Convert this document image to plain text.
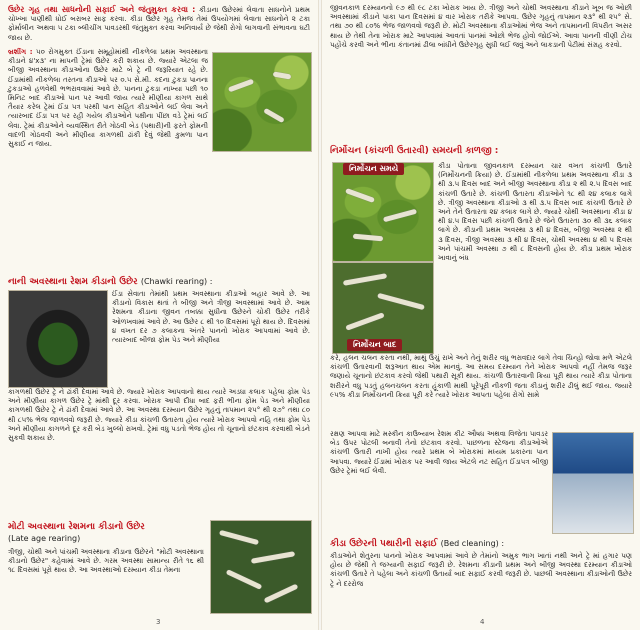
ઉછેર ગૃહ તથા સાધનોની સફાઈ અને જંતુમુક્ત કરવા : કીડાના ઉછેરમાં લેવાતા સાધનોને પ્રથમ ચોખ્ખા પાણીથી ધોઈ બરાબર સાફ કરવા. કીડા ઉછેર ગૃહ તેમજ તેમાં ઉપયોગમાં લેવાતા સાધનોને ૨ ટકા ફોર્માલીન અથવા ૫ ટકા બ્લીચીંગ પાવડરથી જંતુમુક્ત કરવા અનિવાર્ય છે જેથી રોગો લાગવાની સંભાવના ઘટી જાય છે.

બ્રશીંગ : ૫૦ રોગમુક્ત ઈંડાના સમૂહોમાંથી નીકળેલા પ્રથમ અવસ્થાના કીડાને ૪'x૩' ના માપની ટ્રેમાં ઉછેર કરી શકાય છે. જ્યારે એટલા જ બીજી અવસ્થાના કીડાઓના ઉછેર માટે બે ટ્રે ની જરૂરિયાત રહે છે. ઈંડામાંથી નીકળેલા તરતના કીડાઓ પર ૦.૫ સે.મી. કદના ટુકડા પાનના ટુકડાઓ હળવેથી ભભરાવવામાં આવે છે. પાનના ટુકડા નાખ્યા પછી ૧૦ મિનિટ બાદ કીડાઓ પાન પર આવી જાય ત્યારે મીણીયા કાગળ સાથે તૈયાર કરેલ ટ્રેમાં ઈંડા પત્ર પરથી પાન સહિત કીડાઓને લઈ લેવા અને ત્યારબાદ ઈંડા પત્ર પર રહી ગયેલ કીડાઓને પક્ષીના પીંછા વડે ટ્રેમાં લઈ લેવા. ટ્રેમાં કીડાઓને વ્યવસ્થિત રીતે ગોઠવી બેડ (પથારી)ની ફરતે ફોમની વાદળી ગોઠવવી અને મીણીયા કાગળથી ઢાંકી દેવું જેથી કુમળા પાન સુકાઈ ન જાય.

નાની અવસ્થાના રેશમ કીડાનો ઉછેર (Chawki rearing) :

ઈંડા સેવાતા તેમાંથી પ્રથમ અવસ્થાના કીડાઓ બહાર આવે છે. આ કીડાનો વિકાસ થતાં તે બીજી અને ત્રીજી અવસ્થામાં આવે છે. આમ રેશમના કીડાના જીવન તબક્કા સુધીના ઉછેરને ચોકી ઉછેર તરીકે ઓળખવામાં આવે છે. આ ઉછેર ૮ થી ૧૦ દિવસમાં પૂરો થાય છે. દિવસમાં ૪ વખત દર ૭ કલાકના અંતરે પાનનો ખોરાક આપવામાં આવે છે. ત્યારબાદ બીજા ફોમ પેડ અને મીણીયા

કાગળથી ઉછેર ટ્રે ને ઢાંકી દેવામાં આવે છે. જ્યારે ખોરાક આપવાનો થાય ત્યારે અડધા કલાક પહેલા ફોમ પેડ અને મીણીયા કાગળ ઉછેર ટ્રે માંથી દૂર કરવા. ખોરાક આપી દીધા બાદ ફરી ભીના ફોમ પેડ અને મીણીયા કાગળથી ઉછેર ટ્રે ને ઢાંકી દેવામાં આવે છે. આ અવસ્થા દરમ્યાન ઉછેર ગૃહનું તાપમાન ૨૫° થી ૨૭° તથા ૮૦ થી ૮૫% ભેજ જાળવવો જરૂરી છે. જ્યારે કીડા કાંચળી ઉતારતા હોય ત્યારે ખોરાક આપવો નહિ તથા ફોમ પેડ અને મીણીયા કાગળને દૂર કરી બેડ ખુલ્લો રાખવો. ટ્રેમાં વધુ પડતો ભેજ હોય તો ચૂનાનો છંટકાવ કરવાથી બેડને સુકવી શકાય છે.

મોટી અવસ્થાના રેશમના કીડાનો ઉછેર
(Late age rearing)

ત્રીજી, ચોથી અને પાંચમી અવસ્થાના કીડાના ઉછેરને "મોટી અવસ્થાના કીડાનો ઉછેર" કહેવામાં આવે છે. ગરમ અવસ્થા સામાન્ય રીતે ૧૬ થી ૧૮ દિવસમાં પૂરો થાય છે. આ અવસ્થાઓ દરમ્યાન કીડા તેમના

3

જીવનકાળ દરમ્યાનનો ૯૭ થી ૯૮ ટકા ખોરાક ખાય છે. ત્રીજી અને ચોથી અવસ્થાના કીડાને ખૂબ જ ઓછી અવસ્થામાં કીડાને પાકા પાન દિવસમાં ૪ વાર ખોરાક તરીકે આપવા. ઉછેર ગૃહનું તાપમાન ૨૩° થી ૨૫° સે. તથા ૭૦ થી ૮૦% ભેજ જાળવવો જરૂરી છે. મોટી અવસ્થાના કીડાઓમાં ભેજ અને તાપમાનની વિપરીત અસર થાય છે તેથી તેના ખોરાક માટે આપવામાં આવતાં પાનમાં ઓછો ભેજ હોવો જોઈએ. આવા પાનની વીણી ટોચ પહોંચે કરવી અને ભીના કંતાનમાં ઢીલા બાંધીને ઉછેરગૃહ સુધી લઈ જવું અને લાકડાની પેટીમાં સંગ્રહ કરવો.

નિર્મોચન (કાંચળી ઉતારવી) સમયની કાળજી :
નિર્મોચન સમયે
નિર્મોચન બાદ

કીડા પોતાના જીવનકાળ દરમ્યાન ચાર વખત કાંચળી ઉતારે (નિર્મોચનની ક્રિયા) છે. ઈંડામાંથી નીકળેલા પ્રથમ અવસ્થાના કીડા ૩ થી ૩.૫ દિવસ બાદ અને બીજી અવસ્થાના કીડા ૨ થી ૨.૫ દિવસ બાદ કાંચળી ઉતારે છે. કાંચળી ઉતારતા કીડાઓને ૧૮ થી ૨૪ કલાક લાગે છે. ત્રીજી અવસ્થાના કીડાઓ ૩ થી ૩.૫ દિવસ બાદ કાંચળી ઉતારે છે અને તેને ઉતારતા ૨૪ કલાક લાગે છે. જ્યારે ચોથી અવસ્થાના કીડા ૪ થી ૪.૫ દિવસ પછી કાંચળી ઉતારે છે જેને ઉતારતા ૩૦ થી ૩૬ કલાક લાગે છે. કીડાની પ્રથમ અવસ્થા ૩ થી ૪ દિવસ, બીજી અવસ્થા ૨ થી ૩ દિવસ, ત્રીજી અવસ્થા ૩ થી ૪ દિવસ, ચોથી અવસ્થા ૪ થી ૫ દિવસ અને પાંચમી અવસ્થા ૭ થી ૮ દિવસની હોય છે. કીડા પ્રથમ ખોરાક ખાવાનું બંધ

કરે, હલન ચલન કરતા નથી, માથું ઉંચું રાખે અને તેનું શરીર વધુ ભરાવદાર લાગે તેવા ચિન્હો જોવા મળે એટલે કાંચળી ઉતારવાની શરૂઆત થાય એમ માનવું. આ સમય દરમ્યાન તેને ખોરાક આપવો નહીં તેમજ જરૂર જણાયે ચૂનાનો છંટકાવ કરવો જેથી પથારી સૂકી થાય. કાંચળી ઉતારવાની ક્રિયા પૂરી થાય ત્યારે કીડા પોતાના શરીરને વધુ પડતું હલનચલન કરતા હૂંકાળી માથી પૂરેપૂરી નીકળી જતા કીડાનું શરીર ઢીલું થઈ જાય. જ્યારે ૯૫% કીડા નિર્મોચનની ક્રિયા પૂરી કરે ત્યારે ખોરાક આપતા પહેલા રોગો સામે

રક્ષણ આપવા માટે મસ્કીન કાઉબ્યાબ રેશમ કીટ ઔષધ અથવા વિજેતા પાવડર બેડ ઉપર પોટલી બનાવી તેનો છંટકાવ કરવો. પાછળના સ્ટેજના કીડાઓએ કાંચળી ઉતારી નાખી હોય ત્યારે પ્રથમ બે ખોરાકમાં મધ્યમ પ્રકારના પાન આપવા. જ્યારે ઈંડામાં ખોરાક પર આવી જાય એટલે નટ સહિત ઈંડાપત્ર બીજી ઉછેર ટ્રેમાં લઈ લેવી.

કીડા ઉછેરની પથારીની સફાઈ (Bed cleaning) :

કીડાઓને શેતુરના પાનનો ખોરાક આપવામાં આવે છે તેમાંનો અમુક ભાગ ખાતાં નથી અને ટ્રે માં હગાર પણ હોય છે જેથી તે જગ્યાની સફાઈ જરૂરી છે. રેશમના કીડાની પ્રથમ અને બીજી અવસ્થા દરમ્યાન કીડાઓ કાંચળી ઉતારે તે પહેલા અને કાંચળી ઉતાર્યા બાદ સફાઈ કરવી જરૂરી છે. પાછલી અવસ્થાના કીડાઓની ઉછેર ટ્રે ને દરરોજ

4
